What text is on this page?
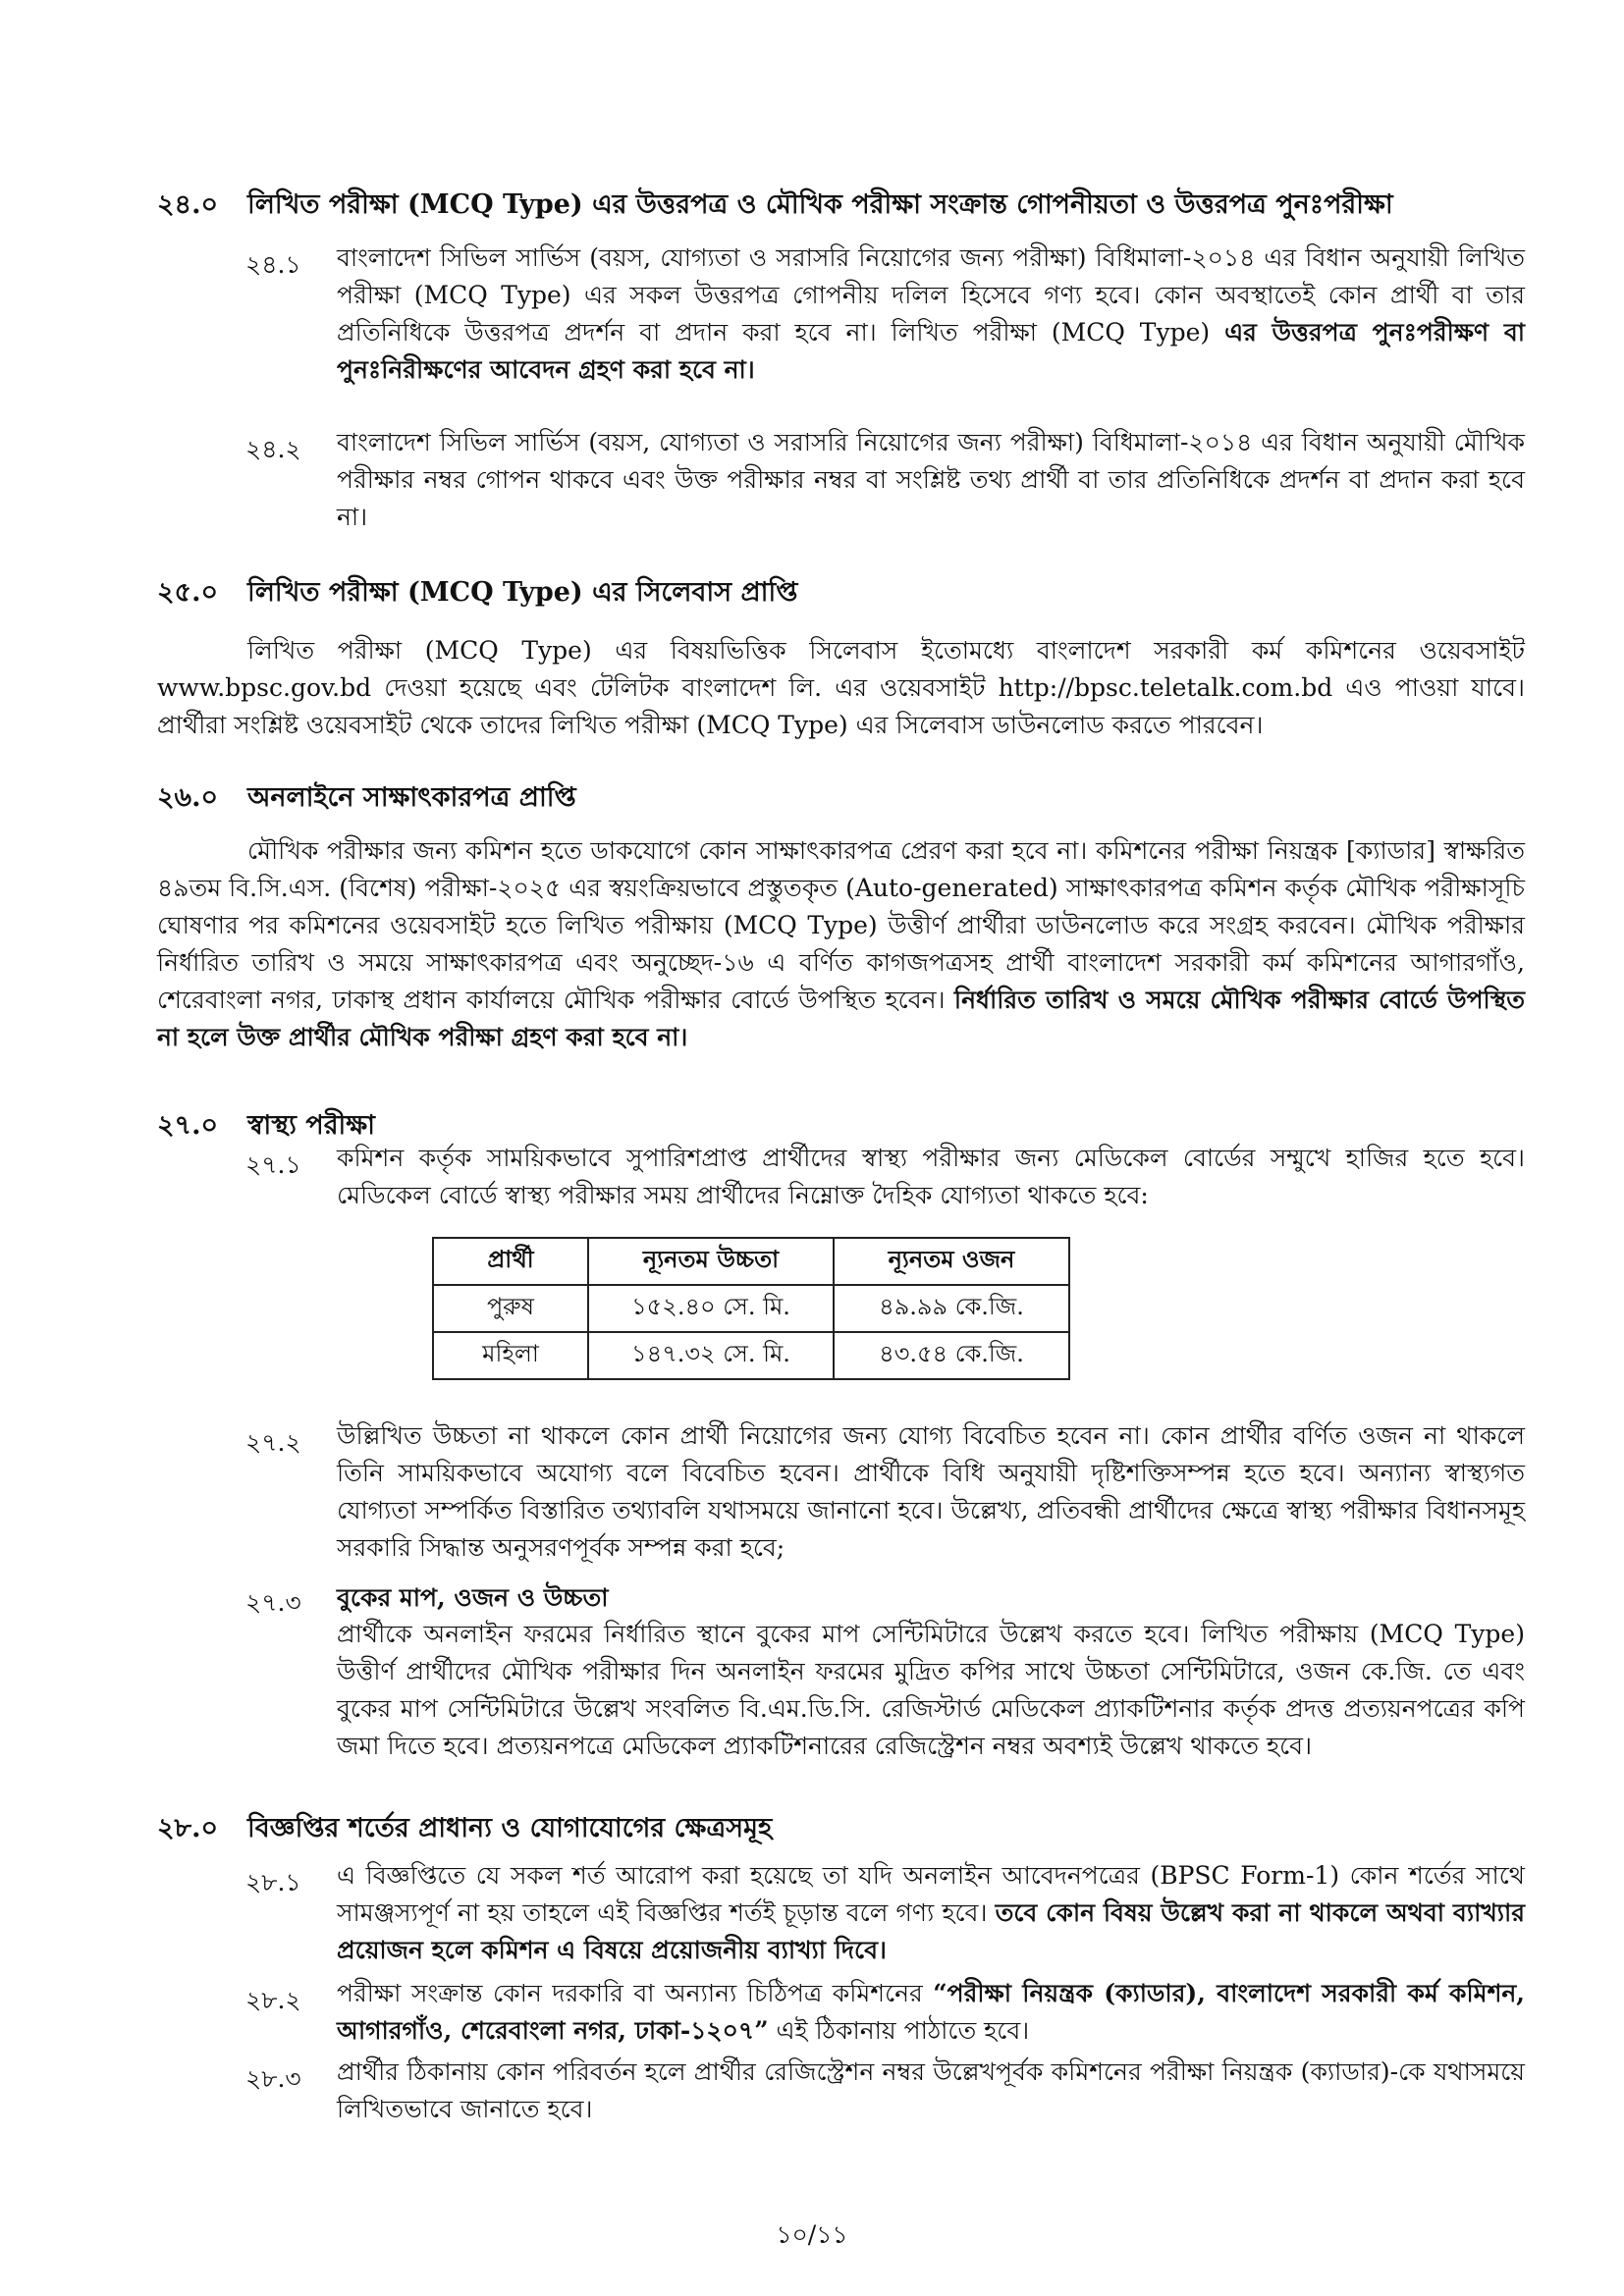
২৪.০	লিখিত পরীক্ষা (MCQ Type) এর উত্তরপত্র ও মৌখিক পরীক্ষা সংক্রান্ত গোপনীয়তা ও উত্তরপত্র পুনঃপরীক্ষা
২৪.১ বাংলাদেশ সিভিল সার্ভিস (বয়স, যোগ্যতা ও সরাসরি নিয়োগের জন্য পরীক্ষা) বিধিমালা-২০১৪ এর বিধান অনুযায়ী লিখিত পরীক্ষা (MCQ Type) এর সকল উত্তরপত্র গোপনীয় দলিল হিসেবে গণ্য হবে। কোন অবস্থাতেই কোন প্রার্থী বা তার প্রতিনিধিকে উত্তরপত্র প্রদর্শন বা প্রদান করা হবে না। লিখিত পরীক্ষা (MCQ Type) এর উত্তরপত্র পুনঃপরীক্ষণ বা পুনঃনিরীক্ষণের আবেদন গ্রহণ করা হবে না।

২৪.২ বাংলাদেশ সিভিল সার্ভিস (বয়স, যোগ্যতা ও সরাসরি নিয়োগের জন্য পরীক্ষা) বিধিমালা-২০১৪ এর বিধান অনুযায়ী মৌখিক পরীক্ষার নম্বর গোপন থাকবে এবং উক্ত পরীক্ষার নম্বর বা সংশ্লিষ্ট তথ্য প্রার্থী বা তার প্রতিনিধিকে প্রদর্শন বা প্রদান করা হবে না।

২৫.০	লিখিত পরীক্ষা (MCQ Type) এর সিলেবাস প্রাপ্তি

লিখিত পরীক্ষা (MCQ Type) এর বিষয়ভিত্তিক সিলেবাস ইতোমধ্যে বাংলাদেশ সরকারী কর্ম কমিশনের ওয়েবসাইট www.bpsc.gov.bd দেওয়া হয়েছে এবং টেলিটক বাংলাদেশ লি. এর ওয়েবসাইট http://bpsc.teletalk.com.bd এও পাওয়া যাবে। প্রার্থীরা সংশ্লিষ্ট ওয়েবসাইট থেকে তাদের লিখিত পরীক্ষা (MCQ Type) এর সিলেবাস ডাউনলোড করতে পারবেন।

২৬.০	অনলাইনে সাক্ষাৎকারপত্র প্রাপ্তি

মৌখিক পরীক্ষার জন্য কমিশন হতে ডাকযোগে কোন সাক্ষাৎকারপত্র প্রেরণ করা হবে না। কমিশনের পরীক্ষা নিয়ন্ত্রক [ক্যাডার] স্বাক্ষরিত ৪৯তম বি.সি.এস. (বিশেষ) পরীক্ষা-২০২৫ এর স্বয়ংক্রিয়ভাবে প্রস্তুতকৃত (Auto-generated) সাক্ষাৎকারপত্র কমিশন কর্তৃক মৌখিক পরীক্ষাসূচি ঘোষণার পর কমিশনের ওয়েবসাইট হতে লিখিত পরীক্ষায় (MCQ Type) উত্তীর্ণ প্রার্থীরা ডাউনলোড করে সংগ্রহ করবেন। মৌখিক পরীক্ষার নির্ধারিত তারিখ ও সময়ে সাক্ষাৎকারপত্র এবং অনুচ্ছেদ-১৬ এ বর্ণিত কাগজপত্রসহ প্রার্থী বাংলাদেশ সরকারী কর্ম কমিশনের আগারগাঁও, শেরেবাংলা নগর, ঢাকাস্থ প্রধান কার্যালয়ে মৌখিক পরীক্ষার বোর্ডে উপস্থিত হবেন। নির্ধারিত তারিখ ও সময়ে মৌখিক পরীক্ষার বোর্ডে উপস্থিত না হলে উক্ত প্রার্থীর মৌখিক পরীক্ষা গ্রহণ করা হবে না।

২৭.০	স্বাস্থ্য পরীক্ষা
২৭.১ কমিশন কর্তৃক সাময়িকভাবে সুপারিশপ্রাপ্ত প্রার্থীদের স্বাস্থ্য পরীক্ষার জন্য মেডিকেল বোর্ডের সম্মুখে হাজির হতে হবে। মেডিকেল বোর্ডে স্বাস্থ্য পরীক্ষার সময় প্রার্থীদের নিম্নোক্ত দৈহিক যোগ্যতা থাকতে হবে:

প্রার্থী	ন্যূনতম উচ্চতা	ন্যূনতম ওজন
পুরুষ	১৫২.৪০ সে. মি.	৪৯.৯৯ কে.জি.
মহিলা	১৪৭.৩২ সে. মি.	৪৩.৫৪ কে.জি.
২৭.২ উল্লিখিত উচ্চতা না থাকলে কোন প্রার্থী নিয়োগের জন্য যোগ্য বিবেচিত হবেন না। কোন প্রার্থীর বর্ণিত ওজন না থাকলে তিনি সাময়িকভাবে অযোগ্য বলে বিবেচিত হবেন। প্রার্থীকে বিধি অনুযায়ী দৃষ্টিশক্তিসম্পন্ন হতে হবে। অন্যান্য স্বাস্থ্যগত যোগ্যতা সম্পর্কিত বিস্তারিত তথ্যাবলি যথাসময়ে জানানো হবে। উল্লেখ্য, প্রতিবন্ধী প্রার্থীদের ক্ষেত্রে স্বাস্থ্য পরীক্ষার বিধানসমূহ সরকারি সিদ্ধান্ত অনুসরণপূর্বক সম্পন্ন করা হবে;

২৭.৩ বুকের মাপ, ওজন ও উচ্চতা

প্রার্থীকে অনলাইন ফরমের নির্ধারিত স্থানে বুকের মাপ সেন্টিমিটারে উল্লেখ করতে হবে। লিখিত পরীক্ষায় (MCQ Type) উত্তীর্ণ প্রার্থীদের মৌখিক পরীক্ষার দিন অনলাইন ফরমের মুদ্রিত কপির সাথে উচ্চতা সেন্টিমিটারে, ওজন কে.জি. তে এবং বুকের মাপ সেন্টিমিটারে উল্লেখ সংবলিত বি.এম.ডি.সি. রেজিস্টার্ড মেডিকেল প্র্যাকটিশনার কর্তৃক প্রদত্ত প্রত্যয়নপত্রের কপি জমা দিতে হবে। প্রত্যয়নপত্রে মেডিকেল প্র্যাকটিশনারের রেজিস্ট্রেশন নম্বর অবশ্যই উল্লেখ থাকতে হবে।

২৮.০	বিজ্ঞপ্তির শর্তের প্রাধান্য ও যোগাযোগের ক্ষেত্রসমূহ
২৮.১ এ বিজ্ঞপ্তিতে যে সকল শর্ত আরোপ করা হয়েছে তা যদি অনলাইন আবেদনপত্রের (BPSC Form-1) কোন শর্তের সাথে সামঞ্জস্যপূর্ণ না হয় তাহলে এই বিজ্ঞপ্তির শর্তই চূড়ান্ত বলে গণ্য হবে। তবে কোন বিষয় উল্লেখ করা না থাকলে অথবা ব্যাখ্যার প্রয়োজন হলে কমিশন এ বিষয়ে প্রয়োজনীয় ব্যাখ্যা দিবে।

২৮.২ পরীক্ষা সংক্রান্ত কোন দরকারি বা অন্যান্য চিঠিপত্র কমিশনের “পরীক্ষা নিয়ন্ত্রক (ক্যাডার), বাংলাদেশ সরকারী কর্ম কমিশন, আগারগাঁও, শেরেবাংলা নগর, ঢাকা-১২০৭” এই ঠিকানায় পাঠাতে হবে।

২৮.৩ প্রার্থীর ঠিকানায় কোন পরিবর্তন হলে প্রার্থীর রেজিস্ট্রেশন নম্বর উল্লেখপূর্বক কমিশনের পরীক্ষা নিয়ন্ত্রক (ক্যাডার)-কে যথাসময়ে লিখিতভাবে জানাতে হবে।

১০/১১
